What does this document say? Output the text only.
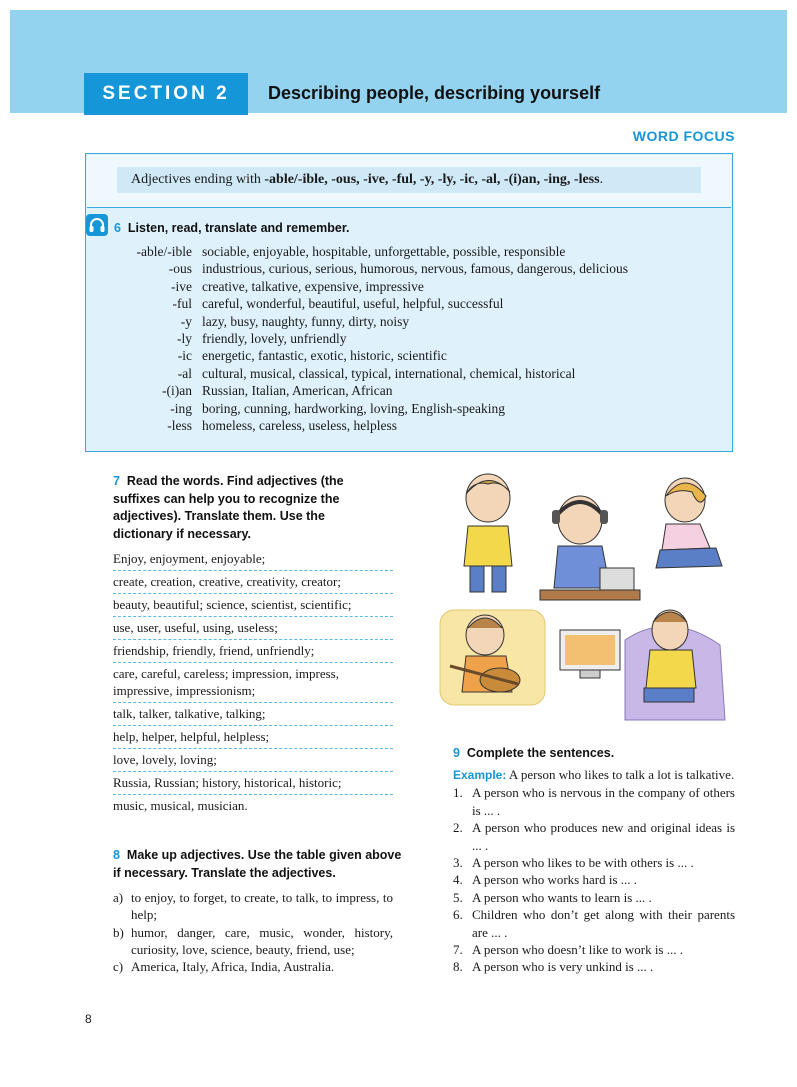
SECTION 2	Describing people, describing yourself
WORD FOCUS
Adjectives ending with -able/-ible, -ous, -ive, -ful, -y, -ly, -ic, -al, -(i)an, -ing, -less.
6 Listen, read, translate and remember.
-able/-ible sociable, enjoyable, hospitable, unforgettable, possible, responsible
-ous industrious, curious, serious, humorous, nervous, famous, dangerous, delicious
-ive creative, talkative, expensive, impressive
-ful careful, wonderful, beautiful, useful, helpful, successful
-y lazy, busy, naughty, funny, dirty, noisy
-ly friendly, lovely, unfriendly
-ic energetic, fantastic, exotic, historic, scientific
-al cultural, musical, classical, typical, international, chemical, historical
-(i)an Russian, Italian, American, African
-ing boring, cunning, hardworking, loving, English-speaking
-less homeless, careless, useless, helpless
7 Read the words. Find adjectives (the suffixes can help you to recognize the adjectives). Translate them. Use the dictionary if necessary.
Enjoy, enjoyment, enjoyable;
create, creation, creative, creativity, creator;
beauty, beautiful; science, scientist, scientific;
use, user, useful, using, useless;
friendship, friendly, friend, unfriendly;
care, careful, careless; impression, impress, impressive, impressionism;
talk, talker, talkative, talking;
help, helper, helpful, helpless;
love, lovely, loving;
Russia, Russian; history, historical, historic;
music, musical, musician.
8 Make up adjectives. Use the table given above if necessary. Translate the adjectives.
a) to enjoy, to forget, to create, to talk, to impress, to help;
b) humor, danger, care, music, wonder, history, curiosity, love, science, beauty, friend, use;
c) America, Italy, Africa, India, Australia.
9 Complete the sentences.
Example: A person who likes to talk a lot is talkative.
1. A person who is nervous in the company of others is ... .
2. A person who produces new and original ideas is ... .
3. A person who likes to be with others is ... .
4. A person who works hard is ... .
5. A person who wants to learn is ... .
6. Children who don’t get along with their parents are ... .
7. A person who doesn’t like to work is ... .
8. A person who is very unkind is ... .
8
